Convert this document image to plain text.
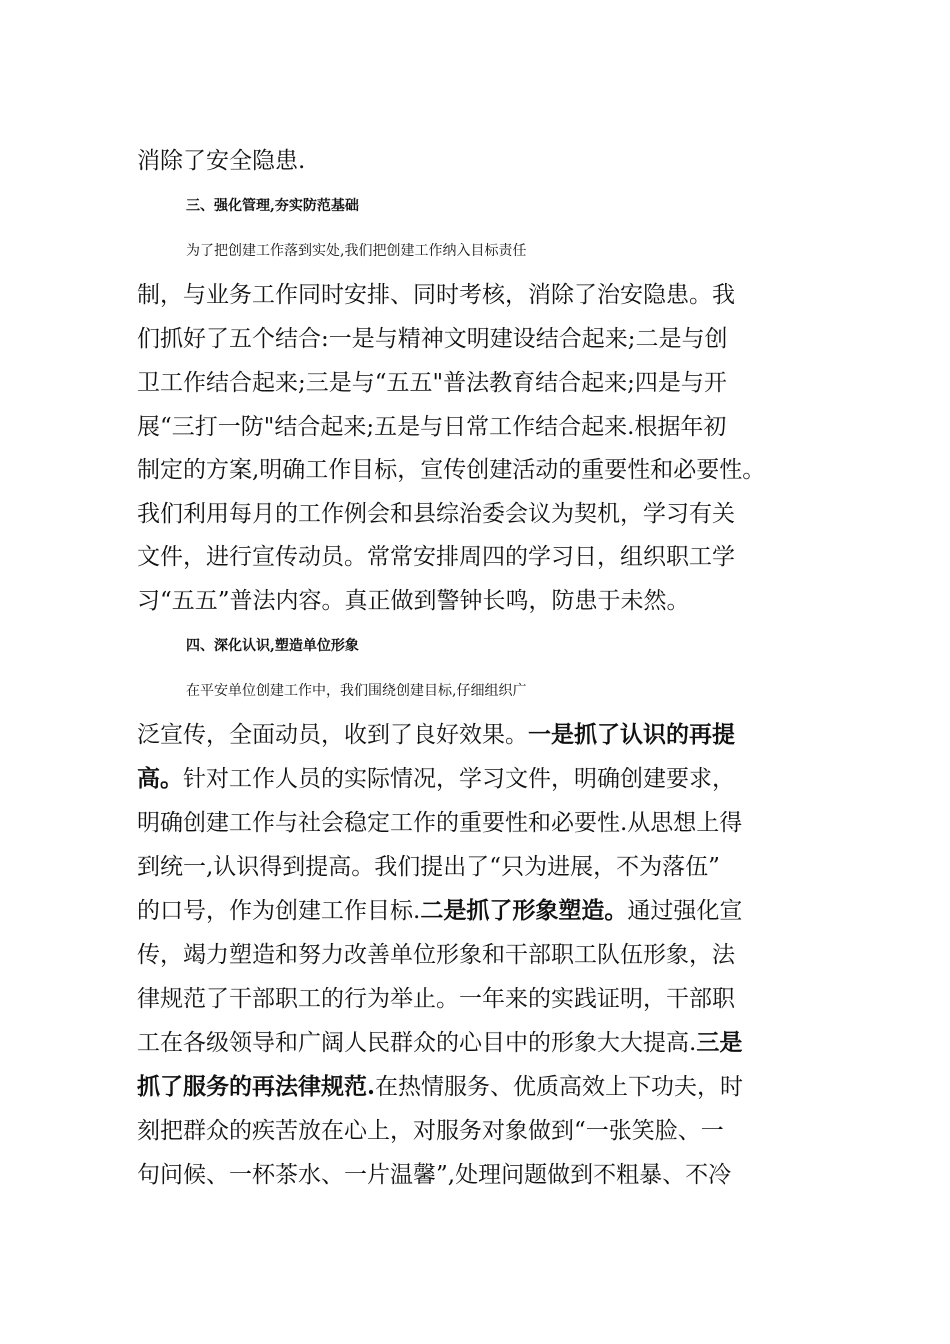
消除了安全隐患.
三、强化管理,夯实防范基础
为了把创建工作落到实处,我们把创建工作纳入目标责任
制，与业务工作同时安排、同时考核，消除了治安隐患。我
们抓好了五个结合:一是与精神文明建设结合起来;二是与创
卫工作结合起来;三是与“五五"普法教育结合起来;四是与开
展“三打一防"结合起来;五是与日常工作结合起来.根据年初
制定的方案,明确工作目标，宣传创建活动的重要性和必要性。
我们利用每月的工作例会和县综治委会议为契机，学习有关
文件，进行宣传动员。常常安排周四的学习日，组织职工学
习“五五”普法内容。真正做到警钟长鸣，防患于未然。
四、深化认识,塑造单位形象
在平安单位创建工作中，我们围绕创建目标,仔细组织广
泛宣传，全面动员，收到了良好效果。一是抓了认识的再提
高。针对工作人员的实际情况，学习文件，明确创建要求，
明确创建工作与社会稳定工作的重要性和必要性.从思想上得
到统一,认识得到提高。我们提出了“只为进展，不为落伍”
的口号，作为创建工作目标.二是抓了形象塑造。通过强化宣
传，竭力塑造和努力改善单位形象和干部职工队伍形象，法
律规范了干部职工的行为举止。一年来的实践证明，干部职
工在各级领导和广阔人民群众的心目中的形象大大提高.三是
抓了服务的再法律规范.在热情服务、优质高效上下功夫，时
刻把群众的疾苦放在心上，对服务对象做到“一张笑脸、一
句问候、一杯茶水、一片温馨”,处理问题做到不粗暴、不冷
